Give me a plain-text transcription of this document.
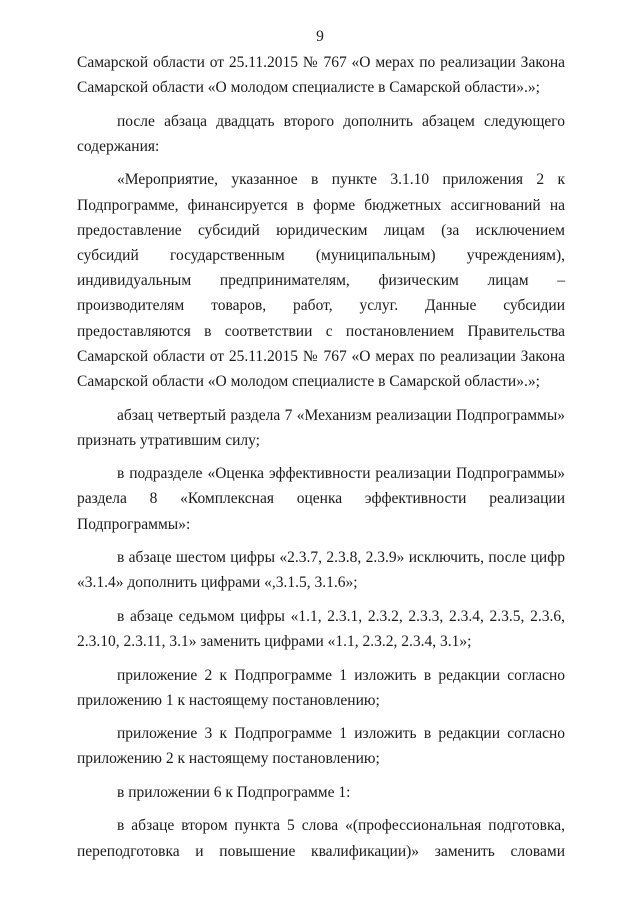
9

Самарской области от 25.11.2015 № 767 «О мерах по реализации Закона Самарской области «О молодом специалисте в Самарской области».»;

после абзаца двадцать второго дополнить абзацем следующего содержания:

«Мероприятие, указанное в пункте 3.1.10 приложения 2 к Подпрограмме, финансируется в форме бюджетных ассигнований на предоставление субсидий юридическим лицам (за исключением субсидий государственным (муниципальным) учреждениям), индивидуальным предпринимателям, физическим лицам – производителям товаров, работ, услуг. Данные субсидии предоставляются в соответствии с постановлением Правительства Самарской области от 25.11.2015 № 767 «О мерах по реализации Закона Самарской области «О молодом специалисте в Самарской области».»;

абзац четвертый раздела 7 «Механизм реализации Подпрограммы» признать утратившим силу;

в подразделе «Оценка эффективности реализации Подпрограммы» раздела 8 «Комплексная оценка эффективности реализации Подпрограммы»:

в абзаце шестом цифры «2.3.7, 2.3.8, 2.3.9» исключить, после цифр «3.1.4» дополнить цифрами «,3.1.5, 3.1.6»;

в абзаце седьмом цифры «1.1, 2.3.1, 2.3.2, 2.3.3, 2.3.4, 2.3.5, 2.3.6, 2.3.10, 2.3.11, 3.1» заменить цифрами «1.1, 2.3.2, 2.3.4, 3.1»;

приложение 2 к Подпрограмме 1 изложить в редакции согласно приложению 1 к настоящему постановлению;

приложение 3 к Подпрограмме 1 изложить в редакции согласно приложению 2 к настоящему постановлению;

в приложении 6 к Подпрограмме 1:

в абзаце втором пункта 5 слова «(профессиональная подготовка, переподготовка и повышение квалификации)» заменить словами
